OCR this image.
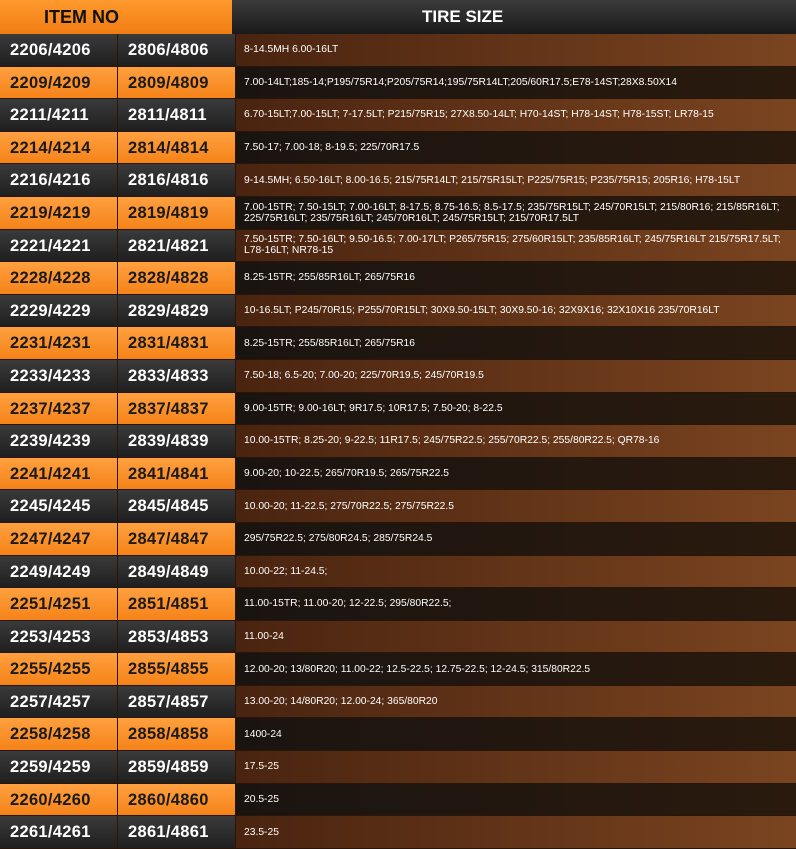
ITEM NO	TIRE SIZE
2206/4206	2806/4806	8-14.5MH 6.00-16LT
2209/4209	2809/4809	7.00-14LT;185-14;P195/75R14;P205/75R14;195/75R14LT;205/60R17.5;E78-14ST;28X8.50X14
2211/4211	2811/4811	6.70-15LT;7.00-15LT; 7-17.5LT; P215/75R15; 27X8.50-14LT; H70-14ST; H78-14ST; H78-15ST; LR78-15
2214/4214	2814/4814	7.50-17; 7.00-18; 8-19.5; 225/70R17.5
2216/4216	2816/4816	9-14.5MH; 6.50-16LT; 8.00-16.5; 215/75R14LT; 215/75R15LT; P225/75R15; P235/75R15; 205R16; H78-15LT
2219/4219	2819/4819	7.00-15TR; 7.50-15LT; 7.00-16LT; 8-17.5; 8.75-16.5; 8.5-17.5; 235/75R15LT; 245/70R15LT; 215/80R16; 215/85R16LT; 225/75R16LT; 235/75R16LT; 245/70R16LT; 245/75R15LT; 215/70R17.5LT
2221/4221	2821/4821	7.50-15TR; 7.50-16LT; 9.50-16.5; 7.00-17LT; P265/75R15; 275/60R15LT; 235/85R16LT; 245/75R16LT 215/75R17.5LT; L78-16LT; NR78-15
2228/4228	2828/4828	8.25-15TR; 255/85R16LT; 265/75R16
2229/4229	2829/4829	10-16.5LT; P245/70R15; P255/70R15LT; 30X9.50-15LT; 30X9.50-16; 32X9X16; 32X10X16 235/70R16LT
2231/4231	2831/4831	8.25-15TR; 255/85R16LT; 265/75R16
2233/4233	2833/4833	7.50-18; 6.5-20; 7.00-20; 225/70R19.5; 245/70R19.5
2237/4237	2837/4837	9.00-15TR; 9.00-16LT; 9R17.5; 10R17.5; 7.50-20; 8-22.5
2239/4239	2839/4839	10.00-15TR; 8.25-20; 9-22.5; 11R17.5; 245/75R22.5; 255/70R22.5; 255/80R22.5; QR78-16
2241/4241	2841/4841	9.00-20; 10-22.5; 265/70R19.5; 265/75R22.5
2245/4245	2845/4845	10.00-20; 11-22.5; 275/70R22.5; 275/75R22.5
2247/4247	2847/4847	295/75R22.5; 275/80R24.5; 285/75R24.5
2249/4249	2849/4849	10.00-22; 11-24.5;
2251/4251	2851/4851	11.00-15TR; 11.00-20; 12-22.5; 295/80R22.5;
2253/4253	2853/4853	11.00-24
2255/4255	2855/4855	12.00-20; 13/80R20; 11.00-22; 12.5-22.5; 12.75-22.5; 12-24.5; 315/80R22.5
2257/4257	2857/4857	13.00-20; 14/80R20; 12.00-24; 365/80R20
2258/4258	2858/4858	1400-24
2259/4259	2859/4859	17.5-25
2260/4260	2860/4860	20.5-25
2261/4261	2861/4861	23.5-25
